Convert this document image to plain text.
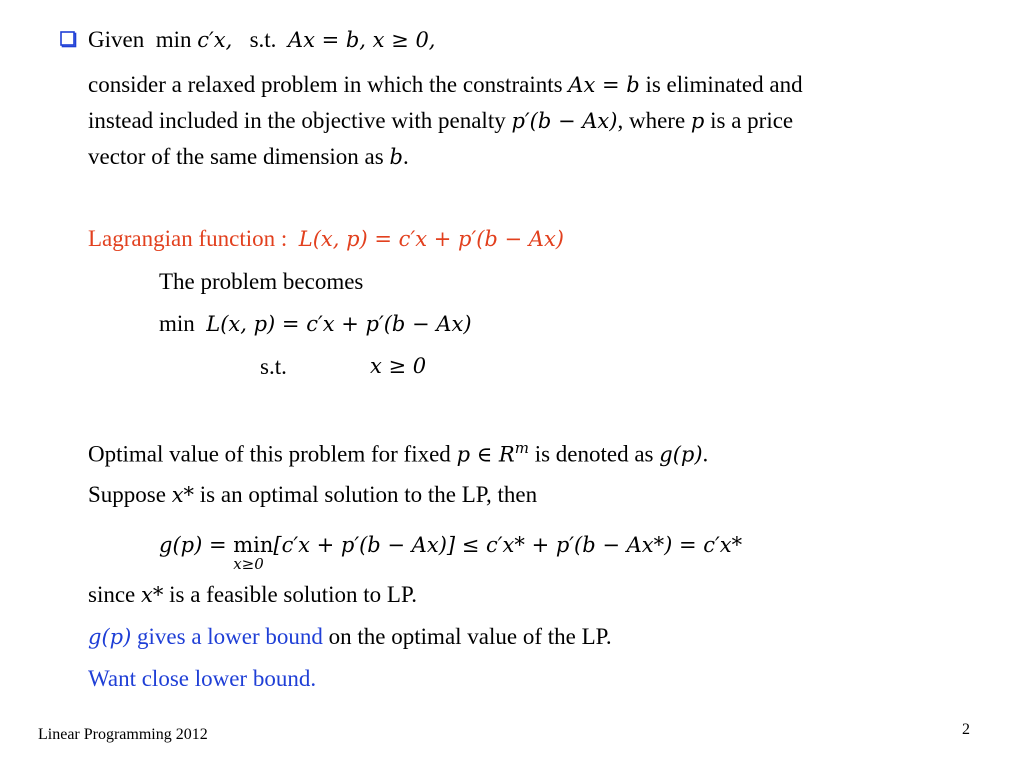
Given min c′x, s.t. Ax = b, x ≥ 0,
consider a relaxed problem in which the constraints Ax = b is eliminated and
instead included in the objective with penalty p′(b − Ax), where p is a price
vector of the same dimension as b.
Lagrangian function :  L(x, p) = c′x + p′(b − Ax)
The problem becomes
min L(x, p) = c′x + p′(b − Ax)
s.t.	x ≥ 0
Optimal value of this problem for fixed p ∈ $R^m$ is denoted as g(p).
Suppose x* is an optimal solution to the LP, then
g(p) = min
x≥0
[c′x + p′(b − Ax)] ≤ c′x* + p′(b − Ax*) = c′x*
since x* is a feasible solution to LP.
g(p) gives a lower bound on the optimal value of the LP.
Want close lower bound.
Linear Programming 2012	2
